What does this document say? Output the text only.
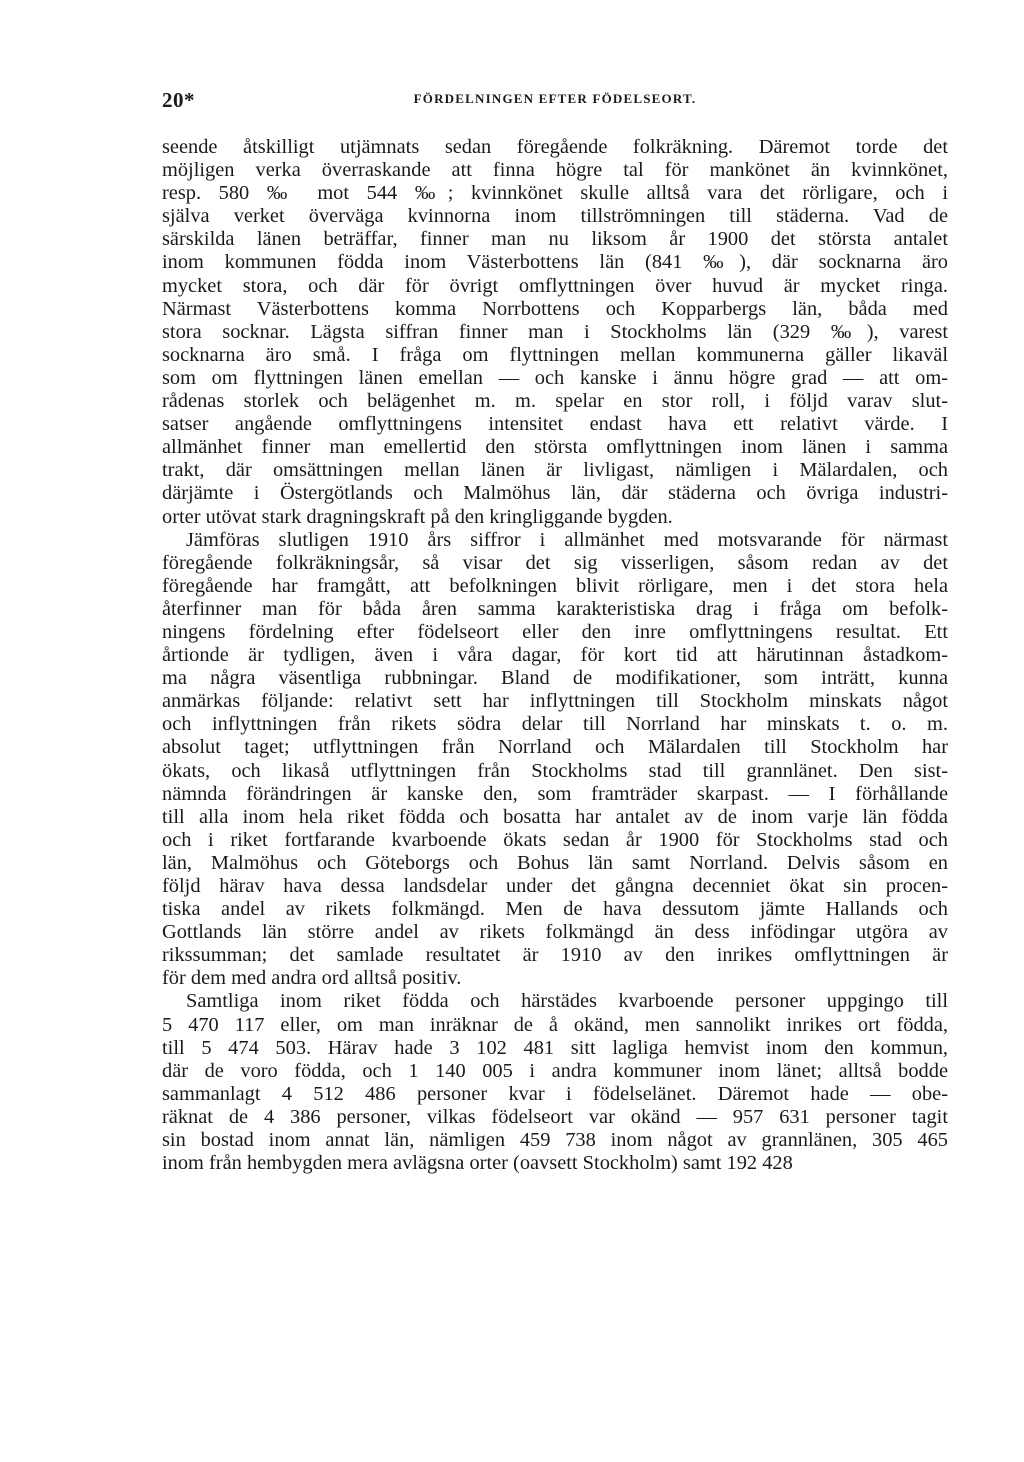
20*	FÖRDELNINGEN EFTER FÖDELSEORT.

seende åtskilligt utjämnats sedan föregående folkräkning. Däremot torde det
möjligen verka överraskande att finna högre tal för mankönet än kvinnkönet,
resp. 580 ‰ mot 544 ‰; kvinnkönet skulle alltså vara det rörligare, och i
själva verket överväga kvinnorna inom tillströmningen till städerna. Vad de
särskilda länen beträffar, finner man nu liksom år 1900 det största antalet
inom kommunen födda inom Västerbottens län (841 ‰), där socknarna äro
mycket stora, och där för övrigt omflyttningen över huvud är mycket ringa.
Närmast Västerbottens komma Norrbottens och Kopparbergs län, båda med
stora socknar. Lägsta siffran finner man i Stockholms län (329 ‰), varest
socknarna äro små. I fråga om flyttningen mellan kommunerna gäller likaväl
som om flyttningen länen emellan — och kanske i ännu högre grad — att om-
rådenas storlek och belägenhet m. m. spelar en stor roll, i följd varav slut-
satser angående omflyttningens intensitet endast hava ett relativt värde. I
allmänhet finner man emellertid den största omflyttningen inom länen i samma
trakt, där omsättningen mellan länen är livligast, nämligen i Mälardalen, och
därjämte i Östergötlands och Malmöhus län, där städerna och övriga industri-
orter utövat stark dragningskraft på den kringliggande bygden.

Jämföras slutligen 1910 års siffror i allmänhet med motsvarande för närmast
föregående folkräkningsår, så visar det sig visserligen, såsom redan av det
föregående har framgått, att befolkningen blivit rörligare, men i det stora hela
återfinner man för båda åren samma karakteristiska drag i fråga om befolk-
ningens fördelning efter födelseort eller den inre omflyttningens resultat. Ett
årtionde är tydligen, även i våra dagar, för kort tid att härutinnan åstadkom-
ma några väsentliga rubbningar. Bland de modifikationer, som inträtt, kunna
anmärkas följande: relativt sett har inflyttningen till Stockholm minskats något
och inflyttningen från rikets södra delar till Norrland har minskats t. o. m.
absolut taget; utflyttningen från Norrland och Mälardalen till Stockholm har
ökats, och likaså utflyttningen från Stockholms stad till grannlänet. Den sist-
nämnda förändringen är kanske den, som framträder skarpast. — I förhållande
till alla inom hela riket födda och bosatta har antalet av de inom varje län födda
och i riket fortfarande kvarboende ökats sedan år 1900 för Stockholms stad och
län, Malmöhus och Göteborgs och Bohus län samt Norrland. Delvis såsom en
följd härav hava dessa landsdelar under det gångna decenniet ökat sin procen-
tiska andel av rikets folkmängd. Men de hava dessutom jämte Hallands och
Gottlands län större andel av rikets folkmängd än dess infödingar utgöra av
rikssumman; det samlade resultatet är 1910 av den inrikes omflyttningen är
för dem med andra ord alltså positiv.

Samtliga inom riket födda och härstädes kvarboende personer uppgingo till
5 470 117 eller, om man inräknar de å okänd, men sannolikt inrikes ort födda,
till 5 474 503. Härav hade 3 102 481 sitt lagliga hemvist inom den kommun,
där de voro födda, och 1 140 005 i andra kommuner inom länet; alltså bodde
sammanlagt 4 512 486 personer kvar i födelselänet. Däremot hade — obe-
räknat de 4 386 personer, vilkas födelseort var okänd — 957 631 personer tagit
sin bostad inom annat län, nämligen 459 738 inom något av grannlänen, 305 465
inom från hembygden mera avlägsna orter (oavsett Stockholm) samt 192 428
